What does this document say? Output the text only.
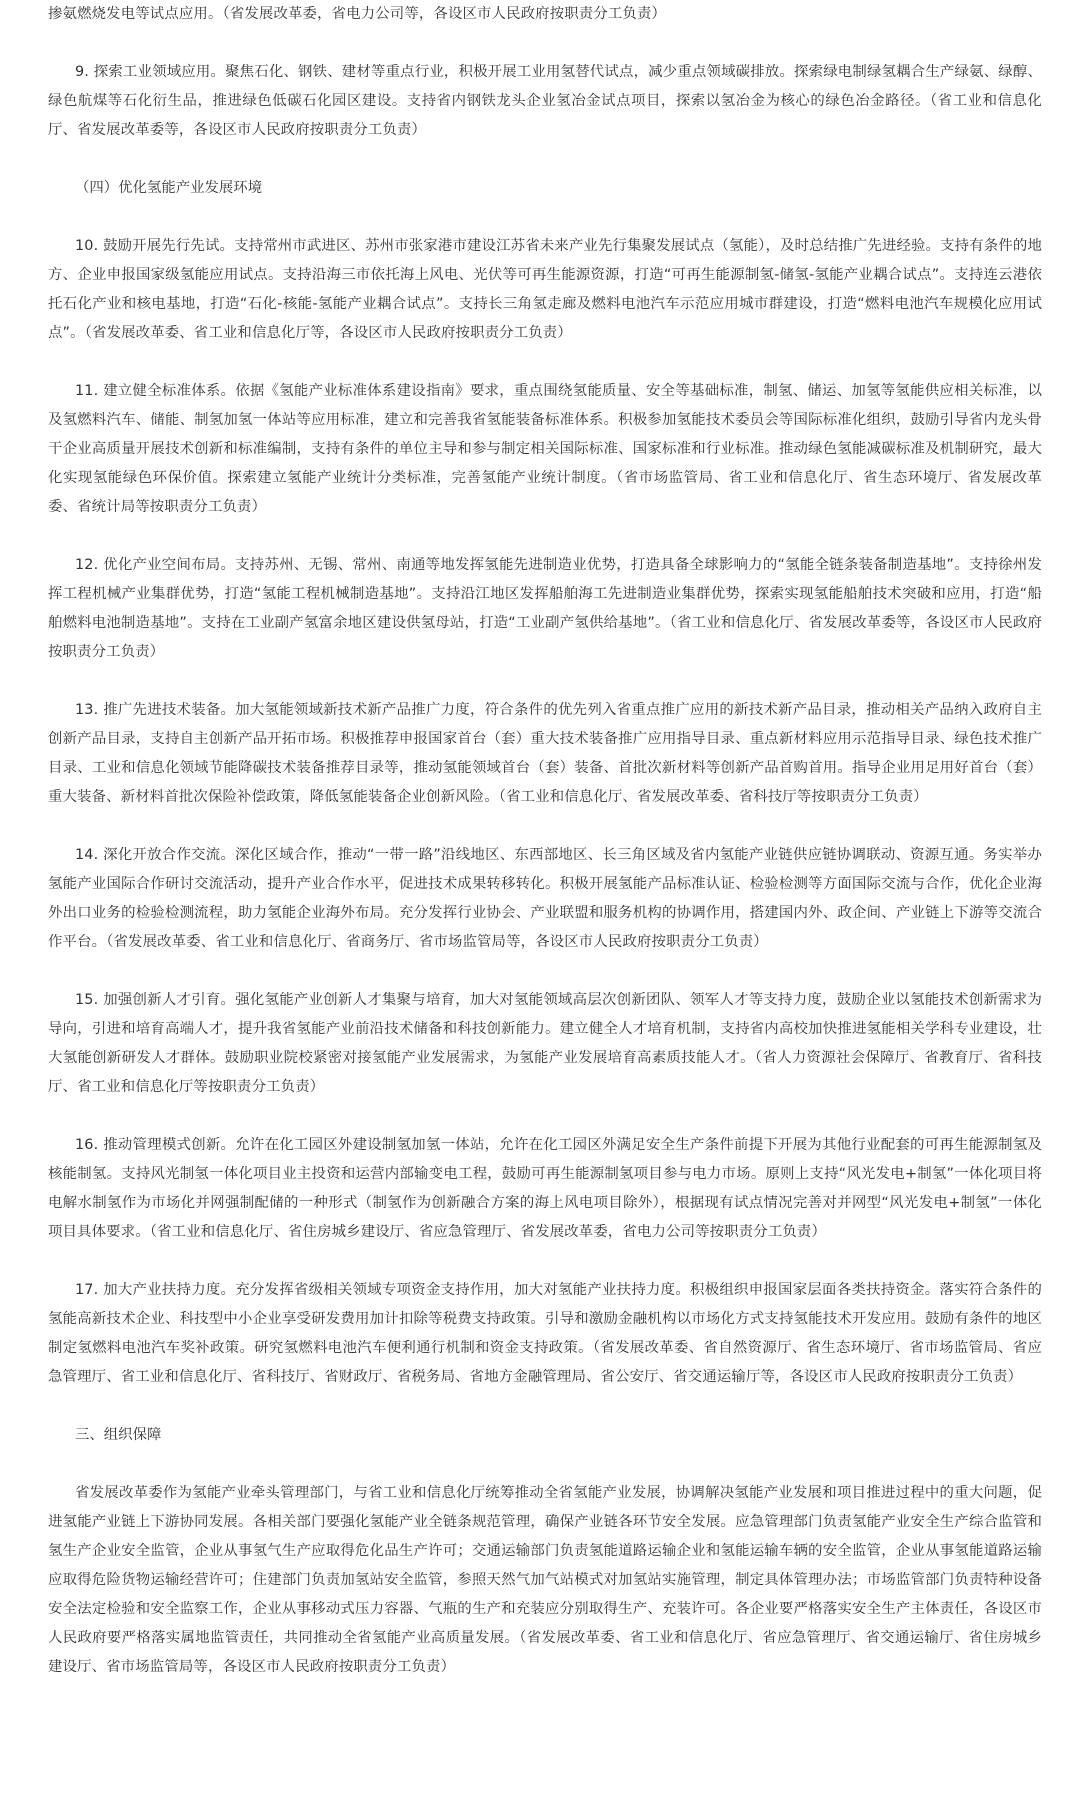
掺氨燃烧发电等试点应用。（省发展改革委，省电力公司等，各设区市人民政府按职责分工负责）

9. 探索工业领域应用。聚焦石化、钢铁、建材等重点行业，积极开展工业用氢替代试点，减少重点领域碳排放。探索绿电制绿氢耦合生产绿氨、绿醇、绿色航煤等石化衍生品，推进绿色低碳石化园区建设。支持省内钢铁龙头企业氢冶金试点项目，探索以氢冶金为核心的绿色冶金路径。（省工业和信息化厅、省发展改革委等，各设区市人民政府按职责分工负责）

（四）优化氢能产业发展环境

10. 鼓励开展先行先试。支持常州市武进区、苏州市张家港市建设江苏省未来产业先行集聚发展试点（氢能），及时总结推广先进经验。支持有条件的地方、企业申报国家级氢能应用试点。支持沿海三市依托海上风电、光伏等可再生能源资源，打造“可再生能源制氢-储氢-氢能产业耦合试点”。支持连云港依托石化产业和核电基地，打造“石化-核能-氢能产业耦合试点”。支持长三角氢走廊及燃料电池汽车示范应用城市群建设，打造“燃料电池汽车规模化应用试点”。（省发展改革委、省工业和信息化厅等，各设区市人民政府按职责分工负责）

11. 建立健全标准体系。依据《氢能产业标准体系建设指南》要求，重点围绕氢能质量、安全等基础标准，制氢、储运、加氢等氢能供应相关标准，以及氢燃料汽车、储能、制氢加氢一体站等应用标准，建立和完善我省氢能装备标准体系。积极参加氢能技术委员会等国际标准化组织，鼓励引导省内龙头骨干企业高质量开展技术创新和标准编制，支持有条件的单位主导和参与制定相关国际标准、国家标准和行业标准。推动绿色氢能减碳标准及机制研究，最大化实现氢能绿色环保价值。探索建立氢能产业统计分类标准，完善氢能产业统计制度。（省市场监管局、省工业和信息化厅、省生态环境厅、省发展改革委、省统计局等按职责分工负责）

12. 优化产业空间布局。支持苏州、无锡、常州、南通等地发挥氢能先进制造业优势，打造具备全球影响力的“氢能全链条装备制造基地”。支持徐州发挥工程机械产业集群优势，打造“氢能工程机械制造基地”。支持沿江地区发挥船舶海工先进制造业集群优势，探索实现氢能船舶技术突破和应用，打造“船舶燃料电池制造基地”。支持在工业副产氢富余地区建设供氢母站，打造“工业副产氢供给基地”。（省工业和信息化厅、省发展改革委等，各设区市人民政府按职责分工负责）

13. 推广先进技术装备。加大氢能领域新技术新产品推广力度，符合条件的优先列入省重点推广应用的新技术新产品目录，推动相关产品纳入政府自主创新产品目录，支持自主创新产品开拓市场。积极推荐申报国家首台（套）重大技术装备推广应用指导目录、重点新材料应用示范指导目录、绿色技术推广目录、工业和信息化领域节能降碳技术装备推荐目录等，推动氢能领域首台（套）装备、首批次新材料等创新产品首购首用。指导企业用足用好首台（套）重大装备、新材料首批次保险补偿政策，降低氢能装备企业创新风险。（省工业和信息化厅、省发展改革委、省科技厅等按职责分工负责）

14. 深化开放合作交流。深化区域合作，推动“一带一路”沿线地区、东西部地区、长三角区域及省内氢能产业链供应链协调联动、资源互通。务实举办氢能产业国际合作研讨交流活动，提升产业合作水平，促进技术成果转移转化。积极开展氢能产品标准认证、检验检测等方面国际交流与合作，优化企业海外出口业务的检验检测流程，助力氢能企业海外布局。充分发挥行业协会、产业联盟和服务机构的协调作用，搭建国内外、政企间、产业链上下游等交流合作平台。（省发展改革委、省工业和信息化厅、省商务厅、省市场监管局等，各设区市人民政府按职责分工负责）

15. 加强创新人才引育。强化氢能产业创新人才集聚与培育，加大对氢能领域高层次创新团队、领军人才等支持力度，鼓励企业以氢能技术创新需求为导向，引进和培育高端人才，提升我省氢能产业前沿技术储备和科技创新能力。建立健全人才培育机制，支持省内高校加快推进氢能相关学科专业建设，壮大氢能创新研发人才群体。鼓励职业院校紧密对接氢能产业发展需求，为氢能产业发展培育高素质技能人才。（省人力资源社会保障厅、省教育厅、省科技厅、省工业和信息化厅等按职责分工负责）

16. 推动管理模式创新。允许在化工园区外建设制氢加氢一体站，允许在化工园区外满足安全生产条件前提下开展为其他行业配套的可再生能源制氢及核能制氢。支持风光制氢一体化项目业主投资和运营内部输变电工程，鼓励可再生能源制氢项目参与电力市场。原则上支持“风光发电+制氢”一体化项目将电解水制氢作为市场化并网强制配储的一种形式（制氢作为创新融合方案的海上风电项目除外），根据现有试点情况完善对并网型“风光发电+制氢”一体化项目具体要求。（省工业和信息化厅、省住房城乡建设厅、省应急管理厅、省发展改革委，省电力公司等按职责分工负责）

17. 加大产业扶持力度。充分发挥省级相关领域专项资金支持作用，加大对氢能产业扶持力度。积极组织申报国家层面各类扶持资金。落实符合条件的氢能高新技术企业、科技型中小企业享受研发费用加计扣除等税费支持政策。引导和激励金融机构以市场化方式支持氢能技术开发应用。鼓励有条件的地区制定氢燃料电池汽车奖补政策。研究氢燃料电池汽车便利通行机制和资金支持政策。（省发展改革委、省自然资源厅、省生态环境厅、省市场监管局、省应急管理厅、省工业和信息化厅、省科技厅、省财政厅、省税务局、省地方金融管理局、省公安厅、省交通运输厅等，各设区市人民政府按职责分工负责）

三、组织保障

省发展改革委作为氢能产业牵头管理部门，与省工业和信息化厅统筹推动全省氢能产业发展，协调解决氢能产业发展和项目推进过程中的重大问题，促进氢能产业链上下游协同发展。各相关部门要强化氢能产业全链条规范管理，确保产业链各环节安全发展。应急管理部门负责氢能产业安全生产综合监管和氢生产企业安全监管，企业从事氢气生产应取得危化品生产许可；交通运输部门负责氢能道路运输企业和氢能运输车辆的安全监管，企业从事氢能道路运输应取得危险货物运输经营许可；住建部门负责加氢站安全监管，参照天然气加气站模式对加氢站实施管理，制定具体管理办法；市场监管部门负责特种设备安全法定检验和安全监察工作，企业从事移动式压力容器、气瓶的生产和充装应分别取得生产、充装许可。各企业要严格落实安全生产主体责任，各设区市人民政府要严格落实属地监管责任，共同推动全省氢能产业高质量发展。（省发展改革委、省工业和信息化厅、省应急管理厅、省交通运输厅、省住房城乡建设厅、省市场监管局等，各设区市人民政府按职责分工负责）
